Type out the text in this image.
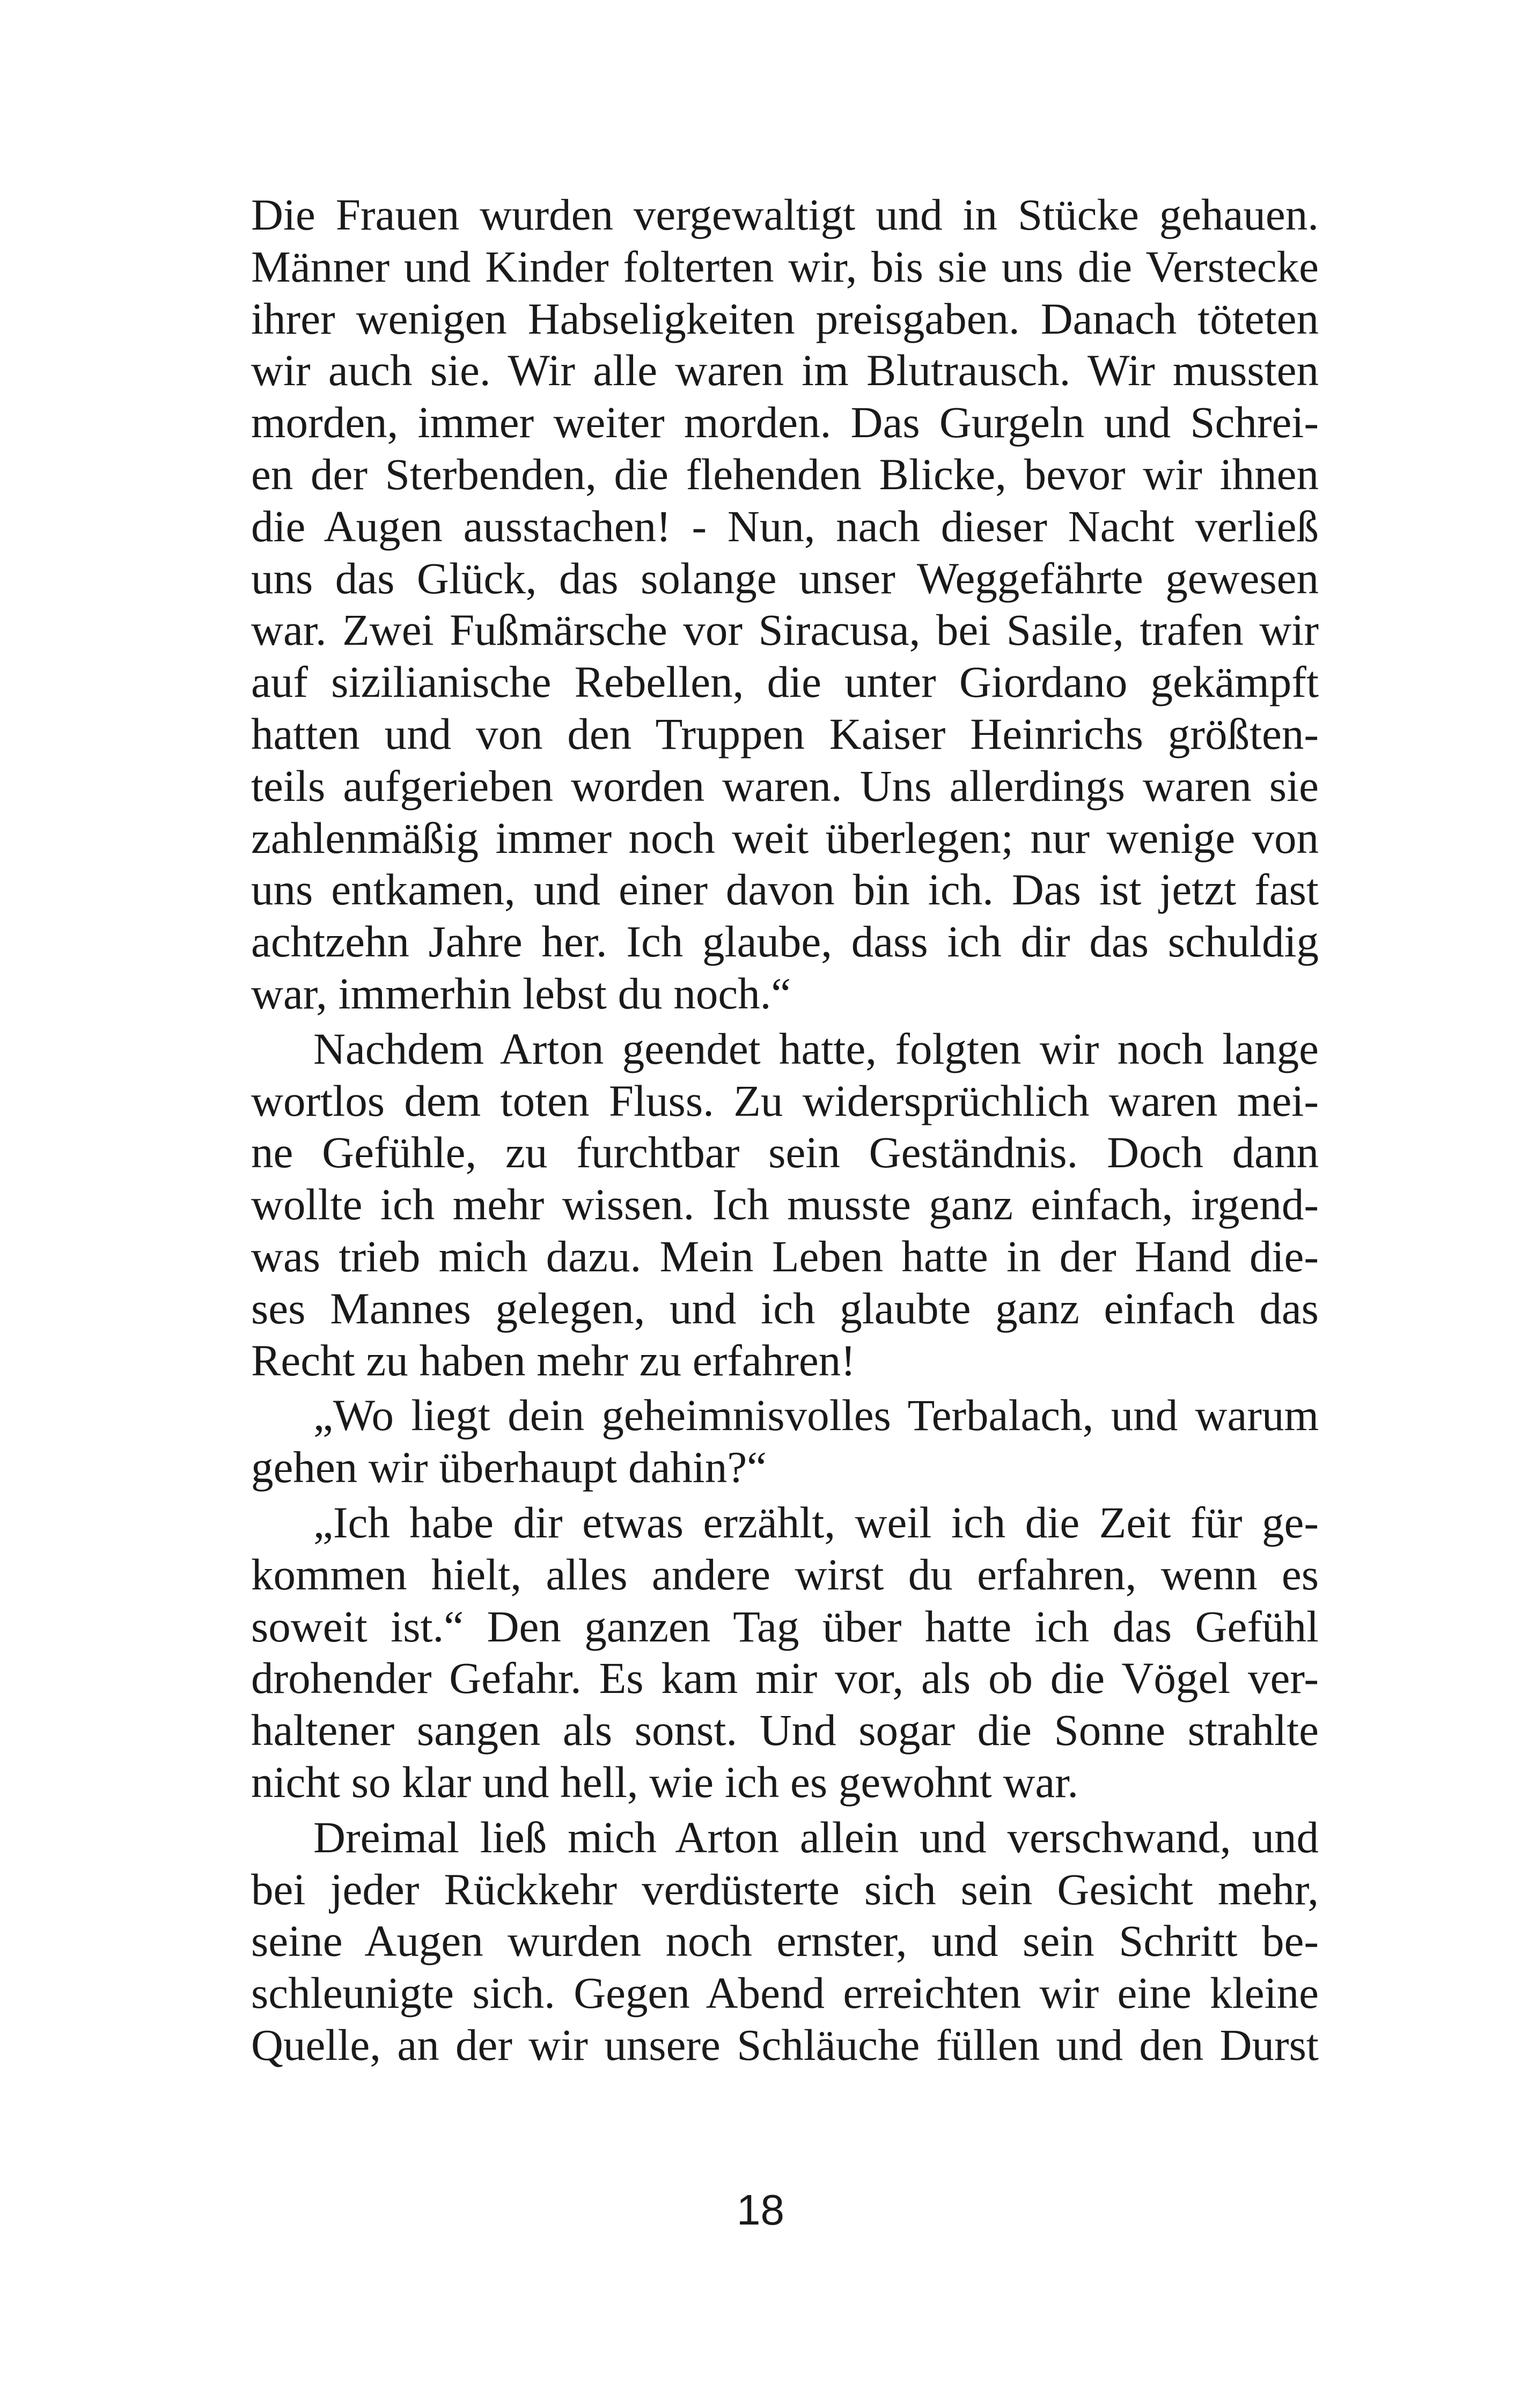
Die Frauen wurden vergewaltigt und in Stücke gehauen.
Männer und Kinder folterten wir, bis sie uns die Verstecke
ihrer wenigen Habseligkeiten preisgaben. Danach töteten
wir auch sie. Wir alle waren im Blutrausch. Wir mussten
morden, immer weiter morden. Das Gurgeln und Schrei-
en der Sterbenden, die flehenden Blicke, bevor wir ihnen
die Augen ausstachen! - Nun, nach dieser Nacht verließ
uns das Glück, das solange unser Weggefährte gewesen
war. Zwei Fußmärsche vor Siracusa, bei Sasile, trafen wir
auf sizilianische Rebellen, die unter Giordano gekämpft
hatten und von den Truppen Kaiser Heinrichs größten-
teils aufgerieben worden waren. Uns allerdings waren sie
zahlenmäßig immer noch weit überlegen; nur wenige von
uns entkamen, und einer davon bin ich. Das ist jetzt fast
achtzehn Jahre her. Ich glaube, dass ich dir das schuldig
war, immerhin lebst du noch.“
Nachdem Arton geendet hatte, folgten wir noch lange
wortlos dem toten Fluss. Zu widersprüchlich waren mei-
ne Gefühle, zu furchtbar sein Geständnis. Doch dann
wollte ich mehr wissen. Ich musste ganz einfach, irgend-
was trieb mich dazu. Mein Leben hatte in der Hand die-
ses Mannes gelegen, und ich glaubte ganz einfach das
Recht zu haben mehr zu erfahren!
„Wo liegt dein geheimnisvolles Terbalach, und warum
gehen wir überhaupt dahin?“
„Ich habe dir etwas erzählt, weil ich die Zeit für ge-
kommen hielt, alles andere wirst du erfahren, wenn es
soweit ist.“ Den ganzen Tag über hatte ich das Gefühl
drohender Gefahr. Es kam mir vor, als ob die Vögel ver-
haltener sangen als sonst. Und sogar die Sonne strahlte
nicht so klar und hell, wie ich es gewohnt war.
Dreimal ließ mich Arton allein und verschwand, und
bei jeder Rückkehr verdüsterte sich sein Gesicht mehr,
seine Augen wurden noch ernster, und sein Schritt be-
schleunigte sich. Gegen Abend erreichten wir eine kleine
Quelle, an der wir unsere Schläuche füllen und den Durst
18
